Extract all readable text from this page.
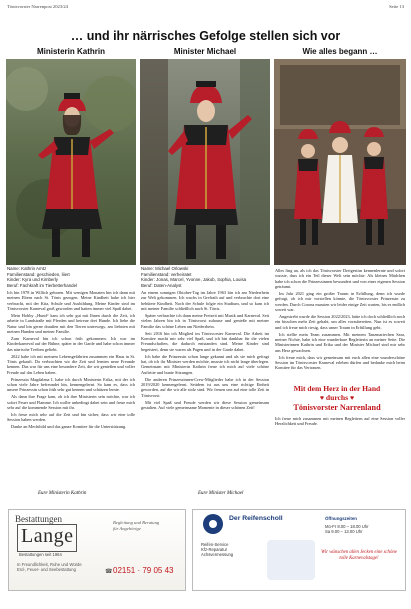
Tönisvorster Narrenpost 2023/24	Seite 13
… und ihr närrisches Gefolge stellen sich vor
Ministerin Kathrin	Minister Michael	Wie alles begann …
Name: Kathrin Arntz
Familienstand: geschieden, liiert
Kinder: Kyra und Kimberly
Beruf: Fachkraft im Tierbetterhandel
Name: Michael Orlowski
Familienstand: verheiratet
Kinder: Jonas, Marcel, Yvonne, Jakob, Sophia, Louisa
Beruf: Daten-Analyst

Ich bin 1978 in Willich geboren. Mit wenigen Monaten bin ich dann mit meinen Eltern nach St. Tönis gezogen. Meine Kindheit habe ich hier verbracht, mit der Kita, Schule und Ausbildung. Meine Kinder sind im Tönisvorster Karneval groß geworden und hatten immer viel Spaß dabei.

Mein Hobby „Hund“ kam ich sehr gut mit Ihnen durch die Zeit, ich arbeite in Landstraße mit Pferden und betreue drei Hunde. Ich liebe die Natur und bin gerne draußen mit den Tieren unterwegs, am liebsten mit meinen Hunden und meiner Familie.

Zum Karneval bin ich schon früh gekommen. Ich war im Kinderkarneval auf der Bühne, später in der Garde und habe schon immer das närrische Treiben geliebt.

2022 habe ich mit meinem Lebensgefährten zusammen ein Haus in St. Tönis gekauft. Da verbrachten wir die Zeit und lernten neue Freunde kennen. Das war für uns eine besondere Zeit, die wir genießen und voller Freude auf das Leben haben.

Prinzessin Magdalena I. habe ich durch Ministerin Erika, mit der ich schon viele Jahre befreundet bin, kennengelernt. So kam es, dass ich unsere Prinzessin schon früh sehr gut kennen und schätzen lernte.

Als dann ihre Frage kam, ob ich ihre Ministerin sein möchte, war ich sofort Feuer und Flamme. Ich wollte unbedingt dabei sein und freue mich sehr auf die kommende Session mit ihr.

Ich freue mich sehr auf die Zeit und bin sicher, dass wir eine tolle Session haben werden.

Danke an Mechthild und das ganze Komitee für die Unterstützung.

Eure Ministerin Kathrin

An einem sonnigen Oktober-Tag im Jahre 1963 bin ich am Niederrhein zur Welt gekommen. Ich wuchs in Grefrath auf und verbrachte dort eine behütete Kindheit. Nach der Schule folgte ein Studium, und so kam ich mit meiner Familie schließlich nach St. Tönis.

Später verbrachte ich dann meine Freizeit mit Musik und Karneval. Seit vielen Jahren bin ich in Tönisvorst zuhause und genieße mit meiner Familie das schöne Leben am Niederrhein.

Seit 2016 bin ich Mitglied im Tönisvorster Karneval. Die Arbeit im Komitee macht mir sehr viel Spaß, und ich bin dankbar für die vielen Freundschaften, die dadurch entstanden sind. Meine Kinder sind begeistert, denn sie waren als Pagen und in der Garde dabei.

Ich habe die Prinzessin schon lange gekannt und als sie mich gefragt hat, ob ich ihr Minister werden möchte, musste ich nicht lange überlegen. Gemeinsam mit Ministerin Kathrin freue ich mich auf viele schöne Auftritte und bunte Sitzungen.

Die anderen Prinzessinnen-Crew-Mitglieder habe ich in der Session 2019/2020 kennengelernt. Seitdem ist aus uns eine richtige Einheit geworden, auf die wir alle stolz sind. Wir freuen uns auf eine tolle Zeit in Tönisvorst.

Mit viel Spaß und Freude werden wir diese Session gemeinsam gestalten. Auf viele gemeinsame Momente in dieser schönen Zeit!

Eure Minister Michael

Alles fing an, als ich das Tönisvorster Dreigestirn kennenlernte und sofort wusste, dass ich ein Teil dieser Welt sein möchte. Als kleines Mädchen habe ich schon die Prinzessinnen bewundert und von einer eigenen Session geträumt.

Im Jahr 2021 ging ein großer Traum in Erfüllung, denn ich wurde gefragt, ob ich mir vorstellen könnte, die Tönisvorster Prinzessin zu werden. Durch Corona mussten wir leider einige Zeit warten, bis es endlich soweit war.

Angestrebt wurde die Session 2022/2023, hätte ich doch schließlich noch ein bisschen mehr Zeit gehabt, um alles vorzubereiten. Nun ist es soweit und ich freue mich riesig, dass unser Traum in Erfüllung geht.

Ich stellte mein Team zusammen. Mit meinem Tanzmariechen Sara, meiner Nichte, habe ich eine wunderbare Begleiterin an meiner Seite. Die Ministerinnen Kathrin und Erika und der Minister Michael sind mir sehr ans Herz gewachsen.

Ich freue mich, dass wir gemeinsam mit euch allen eine wunderschöne Session im Tönisvorster Karneval erleben dürfen und bedanke mich beim Komitee für das Vertrauen.

Mit dem Herz in der Hand
♥ durchs ♥
Tönisvorster Narrenland

Ich freue mich zusammen mit meinen Begleitern auf eine Session voller Herzlichkeit und Freude.

Bestattungen
Lange
Bestattungen seit 1964
In Freundlichkeit, Ruhe und Würde
Erd-, Feuer- und Seebestattung
Begleitung und Beratung
für Angehörige
02151 · 79 05 43
☎
Der Reifenscholl
Reifen-Service
Kfz-Reparatur
Achsvermessung
Öffnungszeiten
Mo-Fr 8.00 – 18.00 Uhr
Sa 9.00 – 13.00 Uhr
Wir wünschen allen Jecken eine schöne tolle Karnevalstage!
